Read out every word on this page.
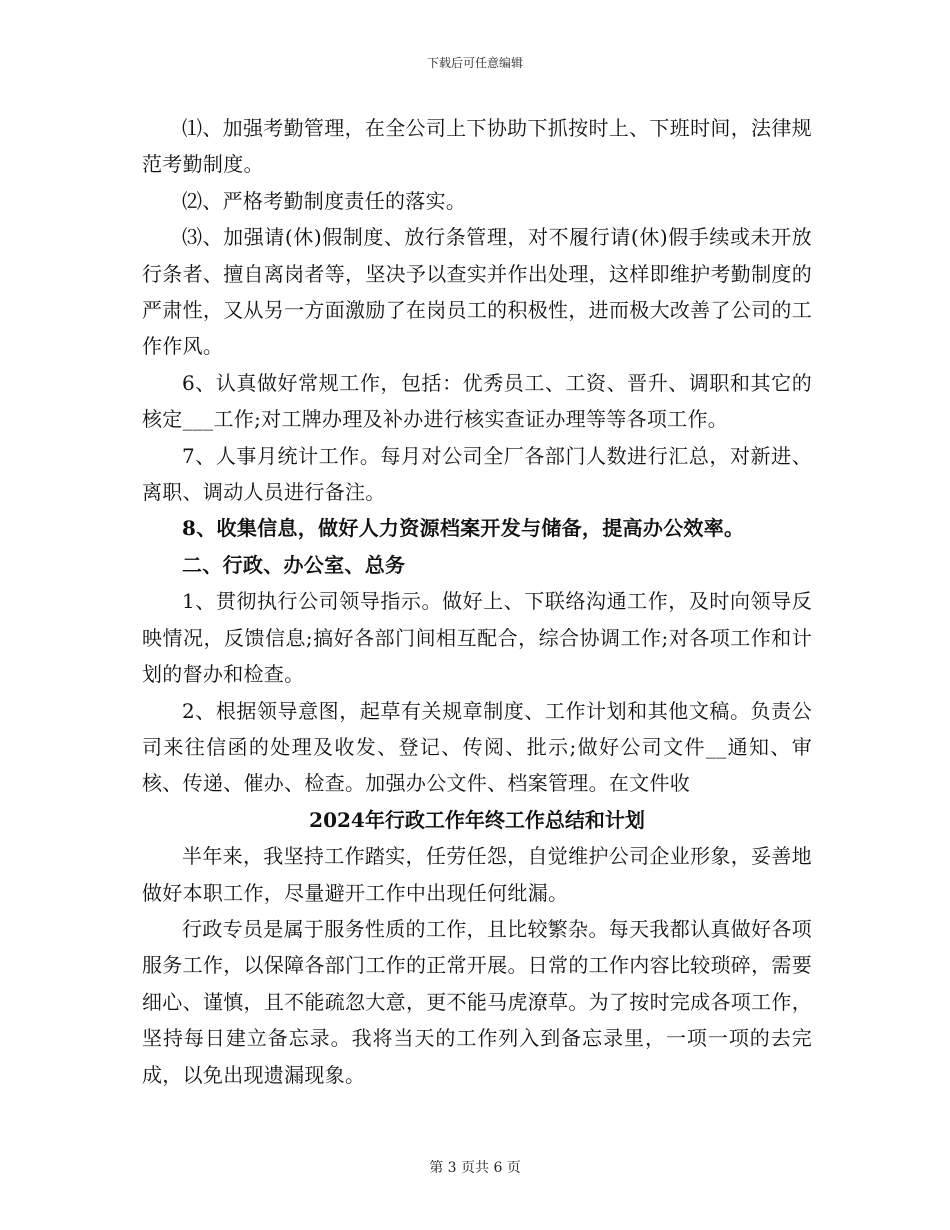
下载后可任意编辑

⑴、加强考勤管理，在全公司上下协助下抓按时上、下班时间，法律规范考勤制度。

⑵、严格考勤制度责任的落实。

⑶、加强请(休)假制度、放行条管理，对不履行请(休)假手续或未开放行条者、擅自离岗者等，坚决予以查实并作出处理，这样即维护考勤制度的严肃性，又从另一方面激励了在岗员工的积极性，进而极大改善了公司的工作作风。

6、认真做好常规工作，包括：优秀员工、工资、晋升、调职和其它的核定___工作;对工牌办理及补办进行核实查证办理等等各项工作。

7、人事月统计工作。每月对公司全厂各部门人数进行汇总，对新进、离职、调动人员进行备注。

8、收集信息，做好人力资源档案开发与储备，提高办公效率。

二、行政、办公室、总务

1、贯彻执行公司领导指示。做好上、下联络沟通工作，及时向领导反映情况，反馈信息;搞好各部门间相互配合，综合协调工作;对各项工作和计划的督办和检查。

2、根据领导意图，起草有关规章制度、工作计划和其他文稿。负责公司来往信函的处理及收发、登记、传阅、批示;做好公司文件__通知、审核、传递、催办、检查。加强办公文件、档案管理。在文件收

2024年行政工作年终工作总结和计划

半年来，我坚持工作踏实，任劳任怨，自觉维护公司企业形象，妥善地做好本职工作，尽量避开工作中出现任何纰漏。

行政专员是属于服务性质的工作，且比较繁杂。每天我都认真做好各项服务工作，以保障各部门工作的正常开展。日常的工作内容比较琐碎，需要细心、谨慎，且不能疏忽大意，更不能马虎潦草。为了按时完成各项工作，坚持每日建立备忘录。我将当天的工作列入到备忘录里，一项一项的去完成，以免出现遗漏现象。

第 3 页共 6 页
